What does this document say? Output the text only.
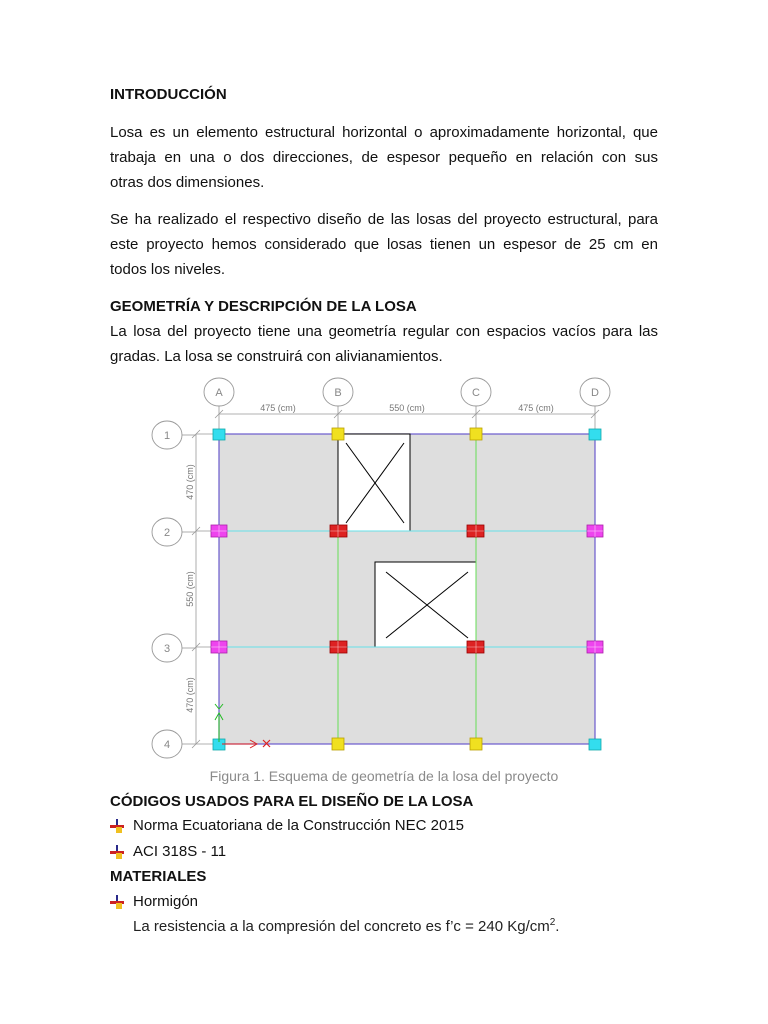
INTRODUCCIÓN
Losa es un elemento estructural horizontal o aproximadamente horizontal, que
trabaja en una o dos direcciones, de espesor pequeño en relación con sus
otras dos dimensiones.
Se ha realizado el respectivo diseño de las losas del proyecto estructural, para
este proyecto hemos considerado que losas tienen un espesor de 25 cm en
todos los niveles.
GEOMETRÍA Y DESCRIPCIÓN DE LA LOSA
La losa del proyecto tiene una geometría regular con espacios vacíos para las
gradas. La losa se construirá con alivianamientos.
475 (cm)	550 (cm)	475 (cm)
470 (cm)
550 (cm)
470 (cm)
A	B	C	D
1
2
3
4
Figura 1. Esquema de geometría de la losa del proyecto
CÓDIGOS USADOS PARA EL DISEÑO DE LA LOSA
Norma Ecuatoriana de la Construcción NEC 2015
ACI 318S - 11
MATERIALES
Hormigón
La resistencia a la compresión del concreto es f’c = 240 $Kg/cm^2$.
